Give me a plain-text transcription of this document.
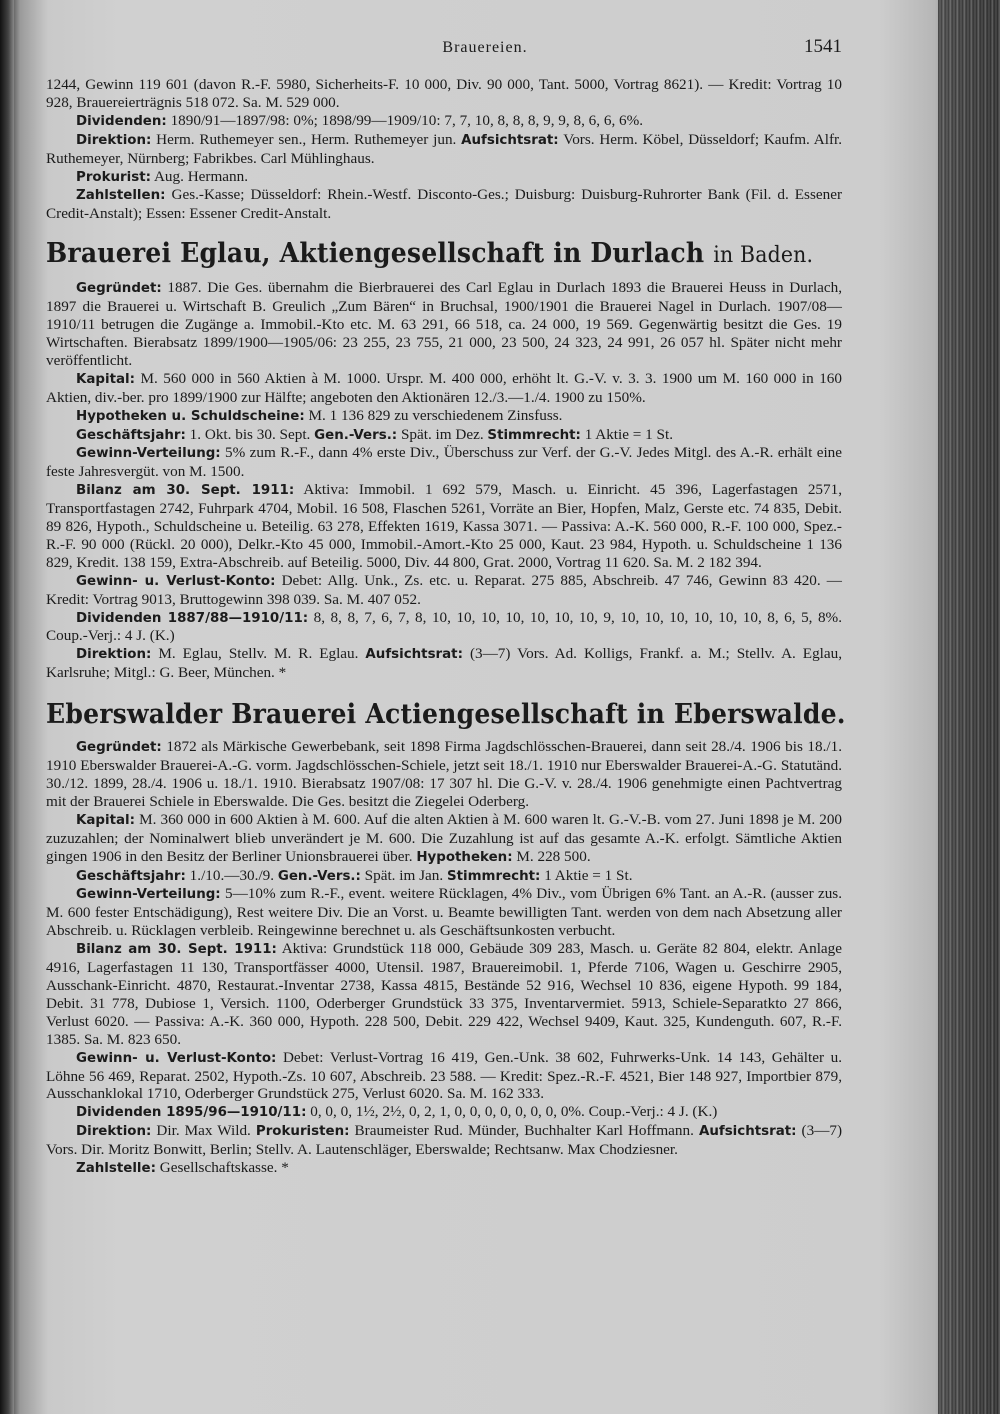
Brauereien.	1541

1244, Gewinn 119 601 (davon R.-F. 5980, Sicherheits-F. 10 000, Div. 90 000, Tant. 5000, Vortrag 8621). — Kredit: Vortrag 10 928, Brauereierträgnis 518 072. Sa. M. 529 000.

Dividenden: 1890/91—1897/98: 0%; 1898/99—1909/10: 7, 7, 10, 8, 8, 8, 9, 9, 8, 6, 6, 6%.

Direktion: Herm. Ruthemeyer sen., Herm. Ruthemeyer jun. Aufsichtsrat: Vors. Herm. Köbel, Düsseldorf; Kaufm. Alfr. Ruthemeyer, Nürnberg; Fabrikbes. Carl Mühlinghaus.

Prokurist: Aug. Hermann.

Zahlstellen: Ges.-Kasse; Düsseldorf: Rhein.-Westf. Disconto-Ges.; Duisburg: Duisburg-Ruhrorter Bank (Fil. d. Essener Credit-Anstalt); Essen: Essener Credit-Anstalt.

Brauerei Eglau, Aktiengesellschaft in Durlach in Baden.

Gegründet: 1887. Die Ges. übernahm die Bierbrauerei des Carl Eglau in Durlach 1893 die Brauerei Heuss in Durlach, 1897 die Brauerei u. Wirtschaft B. Greulich „Zum Bären“ in Bruchsal, 1900/1901 die Brauerei Nagel in Durlach. 1907/08—1910/11 betrugen die Zugänge a. Immobil.-Kto etc. M. 63 291, 66 518, ca. 24 000, 19 569. Gegenwärtig besitzt die Ges. 19 Wirtschaften. Bierabsatz 1899/1900—1905/06: 23 255, 23 755, 21 000, 23 500, 24 323, 24 991, 26 057 hl. Später nicht mehr veröffentlicht.

Kapital: M. 560 000 in 560 Aktien à M. 1000. Urspr. M. 400 000, erhöht lt. G.-V. v. 3. 3. 1900 um M. 160 000 in 160 Aktien, div.-ber. pro 1899/1900 zur Hälfte; angeboten den Aktionären 12./3.—1./4. 1900 zu 150%.

Hypotheken u. Schuldscheine: M. 1 136 829 zu verschiedenem Zinsfuss.

Geschäftsjahr: 1. Okt. bis 30. Sept. Gen.-Vers.: Spät. im Dez. Stimmrecht: 1 Aktie = 1 St.

Gewinn-Verteilung: 5% zum R.-F., dann 4% erste Div., Überschuss zur Verf. der G.-V. Jedes Mitgl. des A.-R. erhält eine feste Jahresvergüt. von M. 1500.

Bilanz am 30. Sept. 1911: Aktiva: Immobil. 1 692 579, Masch. u. Einricht. 45 396, Lagerfastagen 2571, Transportfastagen 2742, Fuhrpark 4704, Mobil. 16 508, Flaschen 5261, Vorräte an Bier, Hopfen, Malz, Gerste etc. 74 835, Debit. 89 826, Hypoth., Schuldscheine u. Beteilig. 63 278, Effekten 1619, Kassa 3071. — Passiva: A.-K. 560 000, R.-F. 100 000, Spez.-R.-F. 90 000 (Rückl. 20 000), Delkr.-Kto 45 000, Immobil.-Amort.-Kto 25 000, Kaut. 23 984, Hypoth. u. Schuldscheine 1 136 829, Kredit. 138 159, Extra-Abschreib. auf Beteilig. 5000, Div. 44 800, Grat. 2000, Vortrag 11 620. Sa. M. 2 182 394.

Gewinn- u. Verlust-Konto: Debet: Allg. Unk., Zs. etc. u. Reparat. 275 885, Abschreib. 47 746, Gewinn 83 420. — Kredit: Vortrag 9013, Bruttogewinn 398 039. Sa. M. 407 052.

Dividenden 1887/88—1910/11: 8, 8, 8, 7, 6, 7, 8, 10, 10, 10, 10, 10, 10, 10, 9, 10, 10, 10, 10, 10, 10, 8, 6, 5, 8%. Coup.-Verj.: 4 J. (K.)

Direktion: M. Eglau, Stellv. M. R. Eglau. Aufsichtsrat: (3—7) Vors. Ad. Kolligs, Frankf. a. M.; Stellv. A. Eglau, Karlsruhe; Mitgl.: G. Beer, München. *

Eberswalder Brauerei Actiengesellschaft in Eberswalde.

Gegründet: 1872 als Märkische Gewerbebank, seit 1898 Firma Jagdschlösschen-Brauerei, dann seit 28./4. 1906 bis 18./1. 1910 Eberswalder Brauerei-A.-G. vorm. Jagdschlösschen-Schiele, jetzt seit 18./1. 1910 nur Eberswalder Brauerei-A.-G. Statutänd. 30./12. 1899, 28./4. 1906 u. 18./1. 1910. Bierabsatz 1907/08: 17 307 hl. Die G.-V. v. 28./4. 1906 genehmigte einen Pachtvertrag mit der Brauerei Schiele in Eberswalde. Die Ges. besitzt die Ziegelei Oderberg.

Kapital: M. 360 000 in 600 Aktien à M. 600. Auf die alten Aktien à M. 600 waren lt. G.-V.-B. vom 27. Juni 1898 je M. 200 zuzuzahlen; der Nominalwert blieb unverändert je M. 600. Die Zuzahlung ist auf das gesamte A.-K. erfolgt. Sämtliche Aktien gingen 1906 in den Besitz der Berliner Unionsbrauerei über. Hypotheken: M. 228 500.

Geschäftsjahr: 1./10.—30./9. Gen.-Vers.: Spät. im Jan. Stimmrecht: 1 Aktie = 1 St.

Gewinn-Verteilung: 5—10% zum R.-F., event. weitere Rücklagen, 4% Div., vom Übrigen 6% Tant. an A.-R. (ausser zus. M. 600 fester Entschädigung), Rest weitere Div. Die an Vorst. u. Beamte bewilligten Tant. werden von dem nach Absetzung aller Abschreib. u. Rücklagen verbleib. Reingewinne berechnet u. als Geschäftsunkosten verbucht.

Bilanz am 30. Sept. 1911: Aktiva: Grundstück 118 000, Gebäude 309 283, Masch. u. Geräte 82 804, elektr. Anlage 4916, Lagerfastagen 11 130, Transportfässer 4000, Utensil. 1987, Brauereimobil. 1, Pferde 7106, Wagen u. Geschirre 2905, Ausschank-Einricht. 4870, Restaurat.-Inventar 2738, Kassa 4815, Bestände 52 916, Wechsel 10 836, eigene Hypoth. 99 184, Debit. 31 778, Dubiose 1, Versich. 1100, Oderberger Grundstück 33 375, Inventarvermiet. 5913, Schiele-Separatkto 27 866, Verlust 6020. — Passiva: A.-K. 360 000, Hypoth. 228 500, Debit. 229 422, Wechsel 9409, Kaut. 325, Kundenguth. 607, R.-F. 1385. Sa. M. 823 650.

Gewinn- u. Verlust-Konto: Debet: Verlust-Vortrag 16 419, Gen.-Unk. 38 602, Fuhrwerks-Unk. 14 143, Gehälter u. Löhne 56 469, Reparat. 2502, Hypoth.-Zs. 10 607, Abschreib. 23 588. — Kredit: Spez.-R.-F. 4521, Bier 148 927, Importbier 879, Ausschanklokal 1710, Oderberger Grundstück 275, Verlust 6020. Sa. M. 162 333.

Dividenden 1895/96—1910/11: 0, 0, 0, 1½, 2½, 0, 2, 1, 0, 0, 0, 0, 0, 0, 0, 0%. Coup.-Verj.: 4 J. (K.)

Direktion: Dir. Max Wild. Prokuristen: Braumeister Rud. Münder, Buchhalter Karl Hoffmann. Aufsichtsrat: (3—7) Vors. Dir. Moritz Bonwitt, Berlin; Stellv. A. Lautenschläger, Eberswalde; Rechtsanw. Max Chodziesner.

Zahlstelle: Gesellschaftskasse. *
